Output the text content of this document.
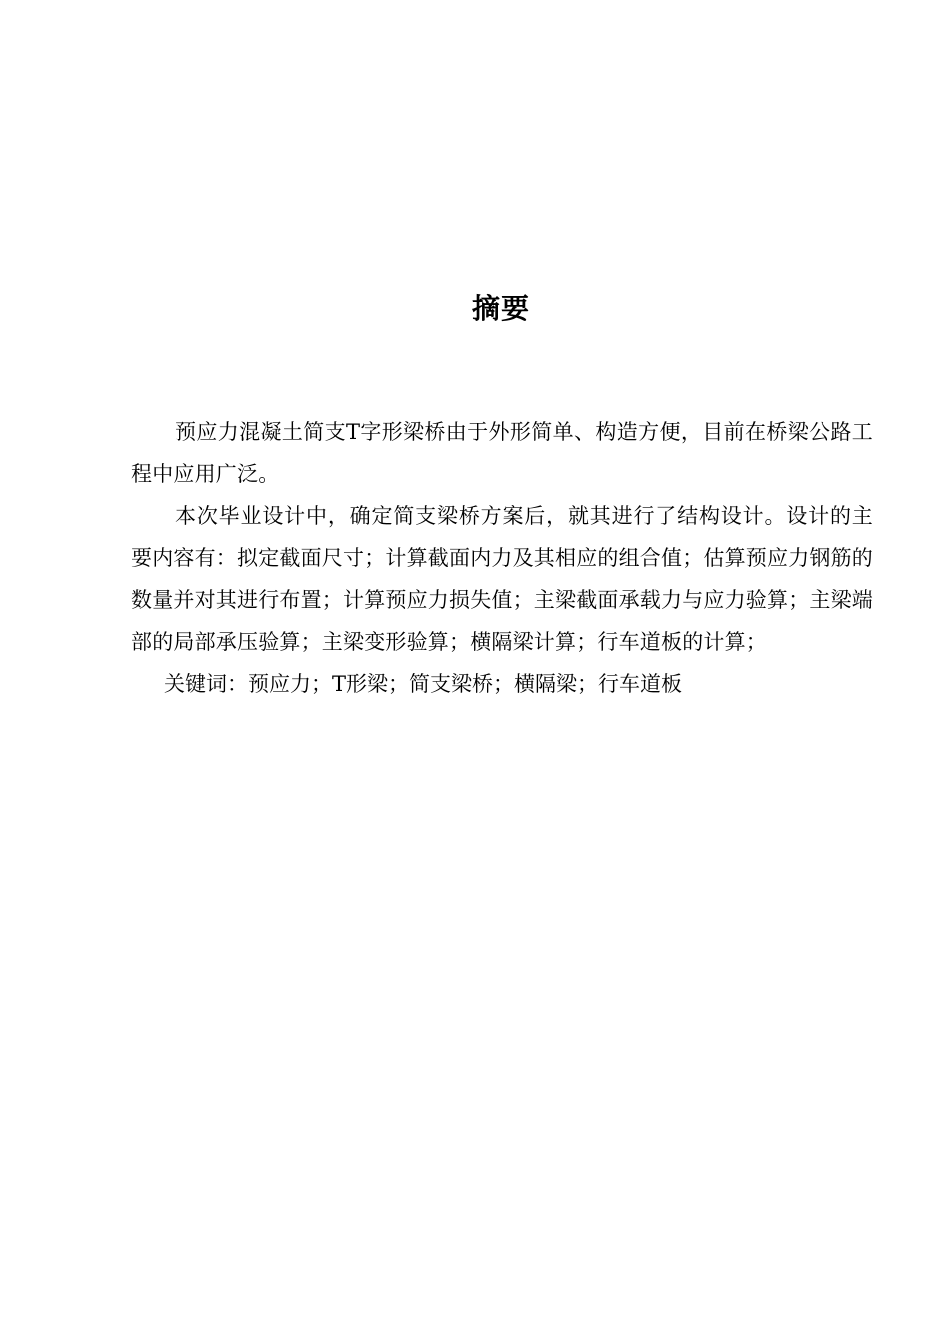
摘要

预应力混凝土简支T字形梁桥由于外形简单、构造方便，目前在桥梁公路工程中应用广泛。

本次毕业设计中，确定简支梁桥方案后，就其进行了结构设计。设计的主要内容有：拟定截面尺寸；计算截面内力及其相应的组合值；估算预应力钢筋的数量并对其进行布置；计算预应力损失值；主梁截面承载力与应力验算；主梁端部的局部承压验算；主梁变形验算；横隔梁计算；行车道板的计算；

关键词：预应力；T形梁；简支梁桥；横隔梁；行车道板
